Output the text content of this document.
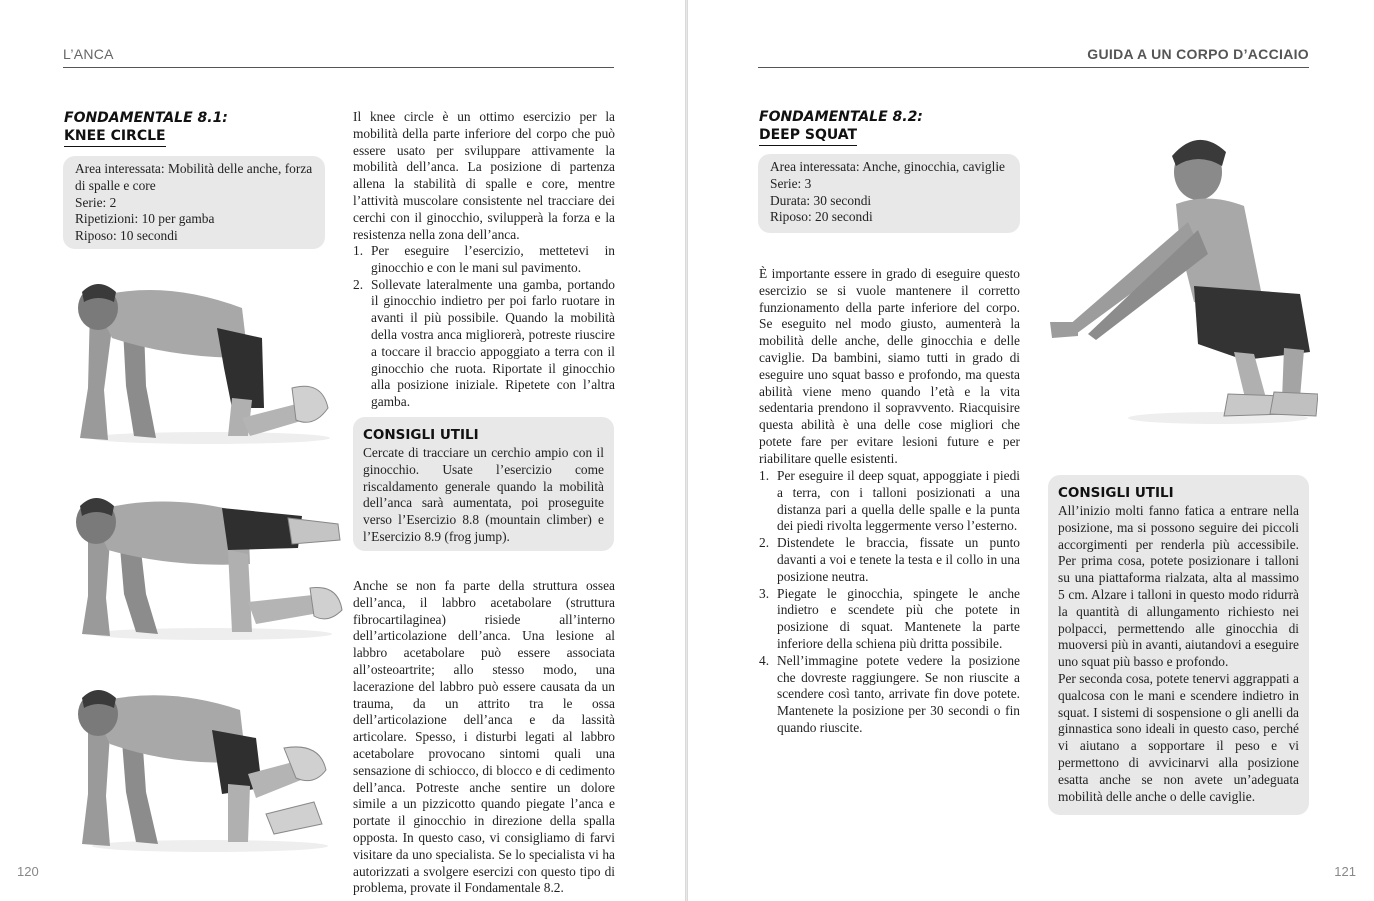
L’ANCA
FONDAMENTALE 8.1:
KNEE CIRCLE
Area interessata: Mobilità delle anche, forza
di spalle e core
Serie: 2
Ripetizioni: 10 per gamba
Riposo: 10 secondi
Il knee circle è un ottimo esercizio per la mobilità della parte inferiore del corpo che può essere usato per sviluppare attivamente la mobilità dell’anca. La posizione di partenza allena la stabilità di spalle e core, mentre l’attività muscolare consistente nel tracciare dei cerchi con il ginocchio, svilupperà la forza e la resistenza nella zona dell’anca.
1. Per eseguire l’esercizio, mettetevi in ginocchio e con le mani sul pavimento.
2. Sollevate lateralmente una gamba, portando il ginocchio indietro per poi farlo ruotare in avanti il più possibile. Quando la mobilità della vostra anca migliorerà, potreste riuscire a toccare il braccio appoggiato a terra con il ginocchio che ruota. Riportate il ginocchio alla posizione iniziale. Ripetete con l’altra gamba.
CONSIGLI UTILI
Cercate di tracciare un cerchio ampio con il ginocchio. Usate l’esercizio come riscaldamento generale quando la mobilità dell’anca sarà aumentata, poi proseguite verso l’Esercizio 8.8 (mountain climber) e l’Esercizio 8.9 (frog jump).
Anche se non fa parte della struttura ossea dell’anca, il labbro acetabolare (struttura fibrocartilaginea) risiede all’interno dell’articolazione dell’anca. Una lesione al labbro acetabolare può essere associata all’osteoartrite; allo stesso modo, una lacerazione del labbro può essere causata da un trauma, da un attrito tra le ossa dell’articolazione dell’anca e da lassità articolare. Spesso, i disturbi legati al labbro acetabolare provocano sintomi quali una sensazione di schiocco, di blocco e di cedimento dell’anca. Potreste anche sentire un dolore simile a un pizzicotto quando piegate l’anca e portate il ginocchio in direzione della spalla opposta. In questo caso, vi consigliamo di farvi visitare da uno specialista. Se lo specialista vi ha autorizzati a svolgere esercizi con questo tipo di problema, provate il Fondamentale 8.2.
120
GUIDA A UN CORPO D’ACCIAIO
FONDAMENTALE 8.2:
DEEP SQUAT
Area interessata: Anche, ginocchia, caviglie
Serie: 3
Durata: 30 secondi
Riposo: 20 secondi
È importante essere in grado di eseguire questo esercizio se si vuole mantenere il corretto funzionamento della parte inferiore del corpo. Se eseguito nel modo giusto, aumenterà la mobilità delle anche, delle ginocchia e delle caviglie. Da bambini, siamo tutti in grado di eseguire uno squat basso e profondo, ma questa abilità viene meno quando l’età e la vita sedentaria prendono il sopravvento. Riacquisire questa abilità è una delle cose migliori che potete fare per evitare lesioni future e per riabilitare quelle esistenti.
1. Per eseguire il deep squat, appoggiate i piedi a terra, con i talloni posizionati a una distanza pari a quella delle spalle e la punta dei piedi rivolta leggermente verso l’esterno.
2. Distendete le braccia, fissate un punto davanti a voi e tenete la testa e il collo in una posizione neutra.
3. Piegate le ginocchia, spingete le anche indietro e scendete più che potete in posizione di squat. Mantenete la parte inferiore della schiena più dritta possibile.
4. Nell’immagine potete vedere la posizione che dovreste raggiungere. Se non riuscite a scendere così tanto, arrivate fin dove potete. Mantenete la posizione per 30 secondi o fin quando riuscite.
CONSIGLI UTILI
All’inizio molti fanno fatica a entrare nella posizione, ma si possono seguire dei piccoli accorgimenti per renderla più accessibile. Per prima cosa, potete posizionare i talloni su una piattaforma rialzata, alta al massimo 5 cm. Alzare i talloni in questo modo ridurrà la quantità di allungamento richiesto nei polpacci, permettendo alle ginocchia di muoversi più in avanti, aiutandovi a eseguire uno squat più basso e profondo.
Per seconda cosa, potete tenervi aggrappati a qualcosa con le mani e scendere indietro in squat. I sistemi di sospensione o gli anelli da ginnastica sono ideali in questo caso, perché vi aiutano a sopportare il peso e vi permettono di avvicinarvi alla posizione esatta anche se non avete un’adeguata mobilità delle anche o delle caviglie.
121
